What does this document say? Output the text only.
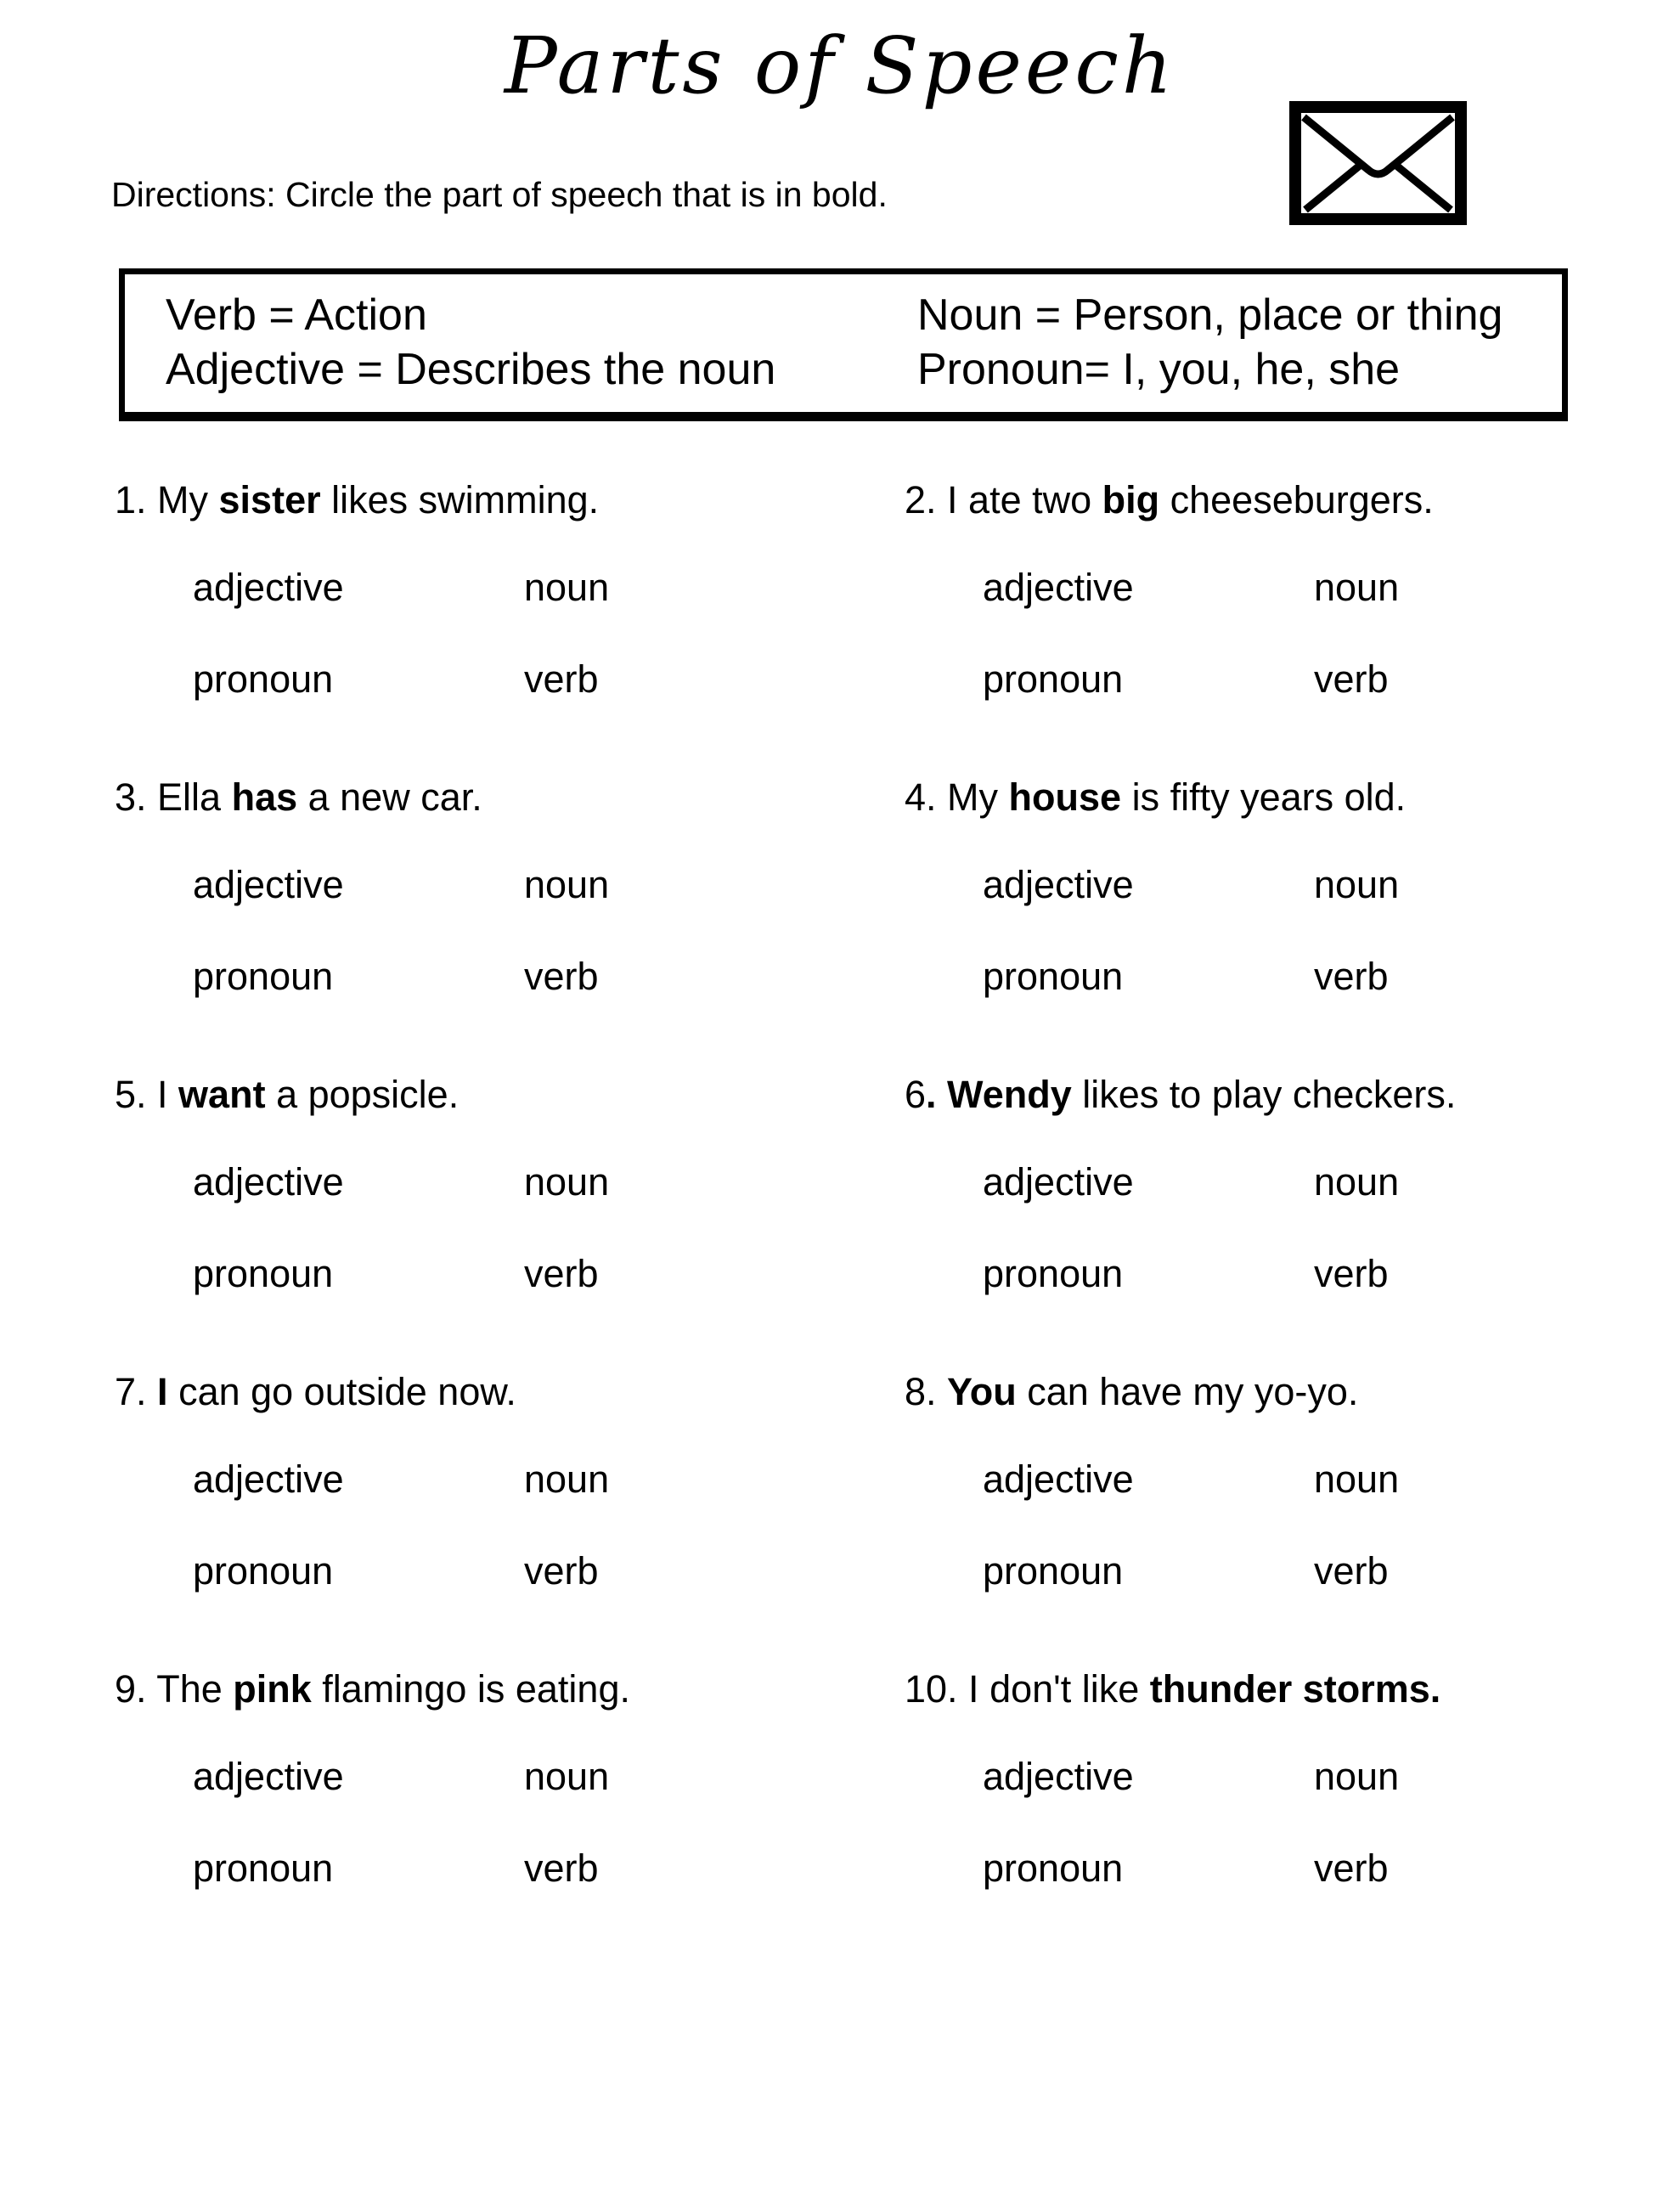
Parts of Speech
Directions: Circle the part of speech that is in bold.
Verb = Action	Noun = Person, place or thing
Adjective = Describes the noun	Pronoun= I, you, he, she
1. My sister likes swimming.
adjective	noun
pronoun	verb
2. I ate two big cheeseburgers.
adjective	noun
pronoun	verb
3. Ella has a new car.
adjective	noun
pronoun	verb
4. My house is fifty years old.
adjective	noun
pronoun	verb
5. I want a popsicle.
adjective	noun
pronoun	verb
6. Wendy likes to play checkers.
adjective	noun
pronoun	verb
7. I can go outside now.
adjective	noun
pronoun	verb
8. You can have my yo-yo.
adjective	noun
pronoun	verb
9. The pink flamingo is eating.
adjective	noun
pronoun	verb
10. I don't like thunder storms.
adjective	noun
pronoun	verb
